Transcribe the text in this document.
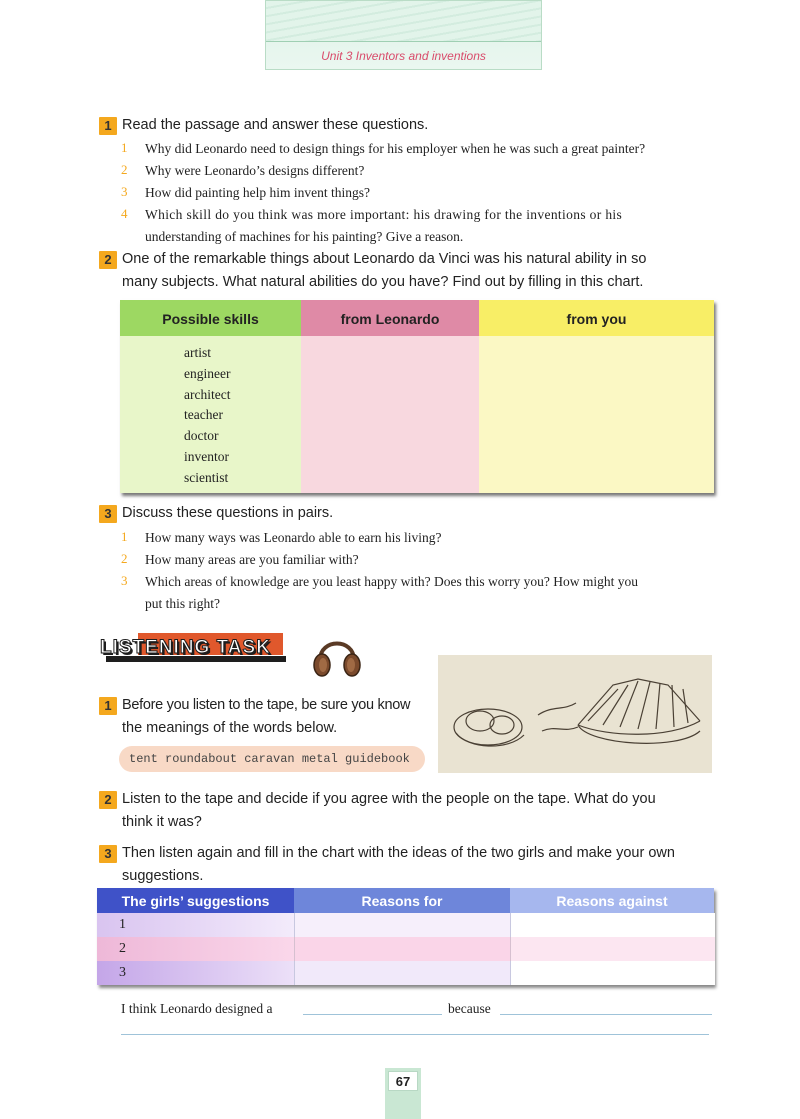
Unit 3 Inventors and inventions
1 Read the passage and answer these questions.
1 Why did Leonardo need to design things for his employer when he was such a great painter?
2 Why were Leonardo’s designs different?
3 How did painting help him invent things?
4 Which skill do you think was more important: his drawing for the inventions or his
understanding of machines for his painting? Give a reason.
2 One of the remarkable things about Leonardo da Vinci was his natural ability in so
many subjects. What natural abilities do you have? Find out by filling in this chart.
Possible skills	from Leonardo	from you
artist
engineer
architect
teacher
doctor
inventor
scientist
3 Discuss these questions in pairs.
1 How many ways was Leonardo able to earn his living?
2 How many areas are you familiar with?
3 Which areas of knowledge are you least happy with? Does this worry you? How might you
put this right?
LISTENING TASK
1 Before you listen to the tape, be sure you know
the meanings of the words below.
tent roundabout caravan metal guidebook
2 Listen to the tape and decide if you agree with the people on the tape. What do you
think it was?
3 Then listen again and fill in the chart with the ideas of the two girls and make your own
suggestions.
The girls’ suggestions	Reasons for	Reasons against
1
2
3
I think Leonardo designed a	because
67
